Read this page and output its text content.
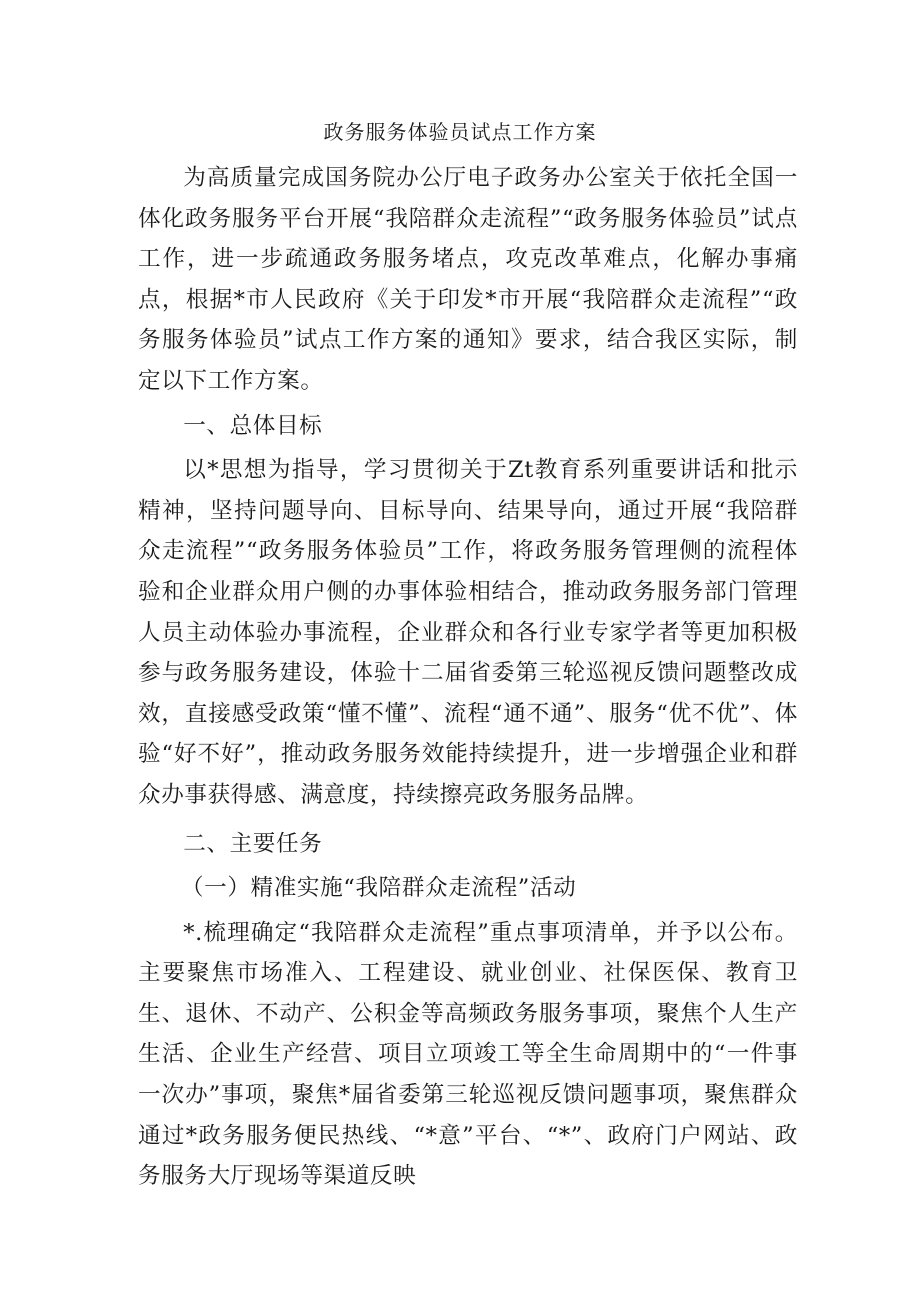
政务服务体验员试点工作方案

为高质量完成国务院办公厅电子政务办公室关于依托全国一体化政务服务平台开展“我陪群众走流程”“政务服务体验员”试点工作，进一步疏通政务服务堵点，攻克改革难点，化解办事痛点，根据*市人民政府《关于印发*市开展“我陪群众走流程”“政务服务体验员”试点工作方案的通知》要求，结合我区实际，制定以下工作方案。

一、总体目标

以*思想为指导，学习贯彻关于Zt教育系列重要讲话和批示精神，坚持问题导向、目标导向、结果导向，通过开展“我陪群众走流程”“政务服务体验员”工作，将政务服务管理侧的流程体验和企业群众用户侧的办事体验相结合，推动政务服务部门管理人员主动体验办事流程，企业群众和各行业专家学者等更加积极参与政务服务建设，体验十二届省委第三轮巡视反馈问题整改成效，直接感受政策“懂不懂”、流程“通不通”、服务“优不优”、体验“好不好”，推动政务服务效能持续提升，进一步增强企业和群众办事获得感、满意度，持续擦亮政务服务品牌。

二、主要任务

（一）精准实施“我陪群众走流程”活动

*.梳理确定“我陪群众走流程”重点事项清单，并予以公布。主要聚焦市场准入、工程建设、就业创业、社保医保、教育卫生、退休、不动产、公积金等高频政务服务事项，聚焦个人生产生活、企业生产经营、项目立项竣工等全生命周期中的“一件事一次办”事项，聚焦*届省委第三轮巡视反馈问题事项，聚焦群众通过*政务服务便民热线、“*意”平台、“*”、政府门户网站、政务服务大厅现场等渠道反映
